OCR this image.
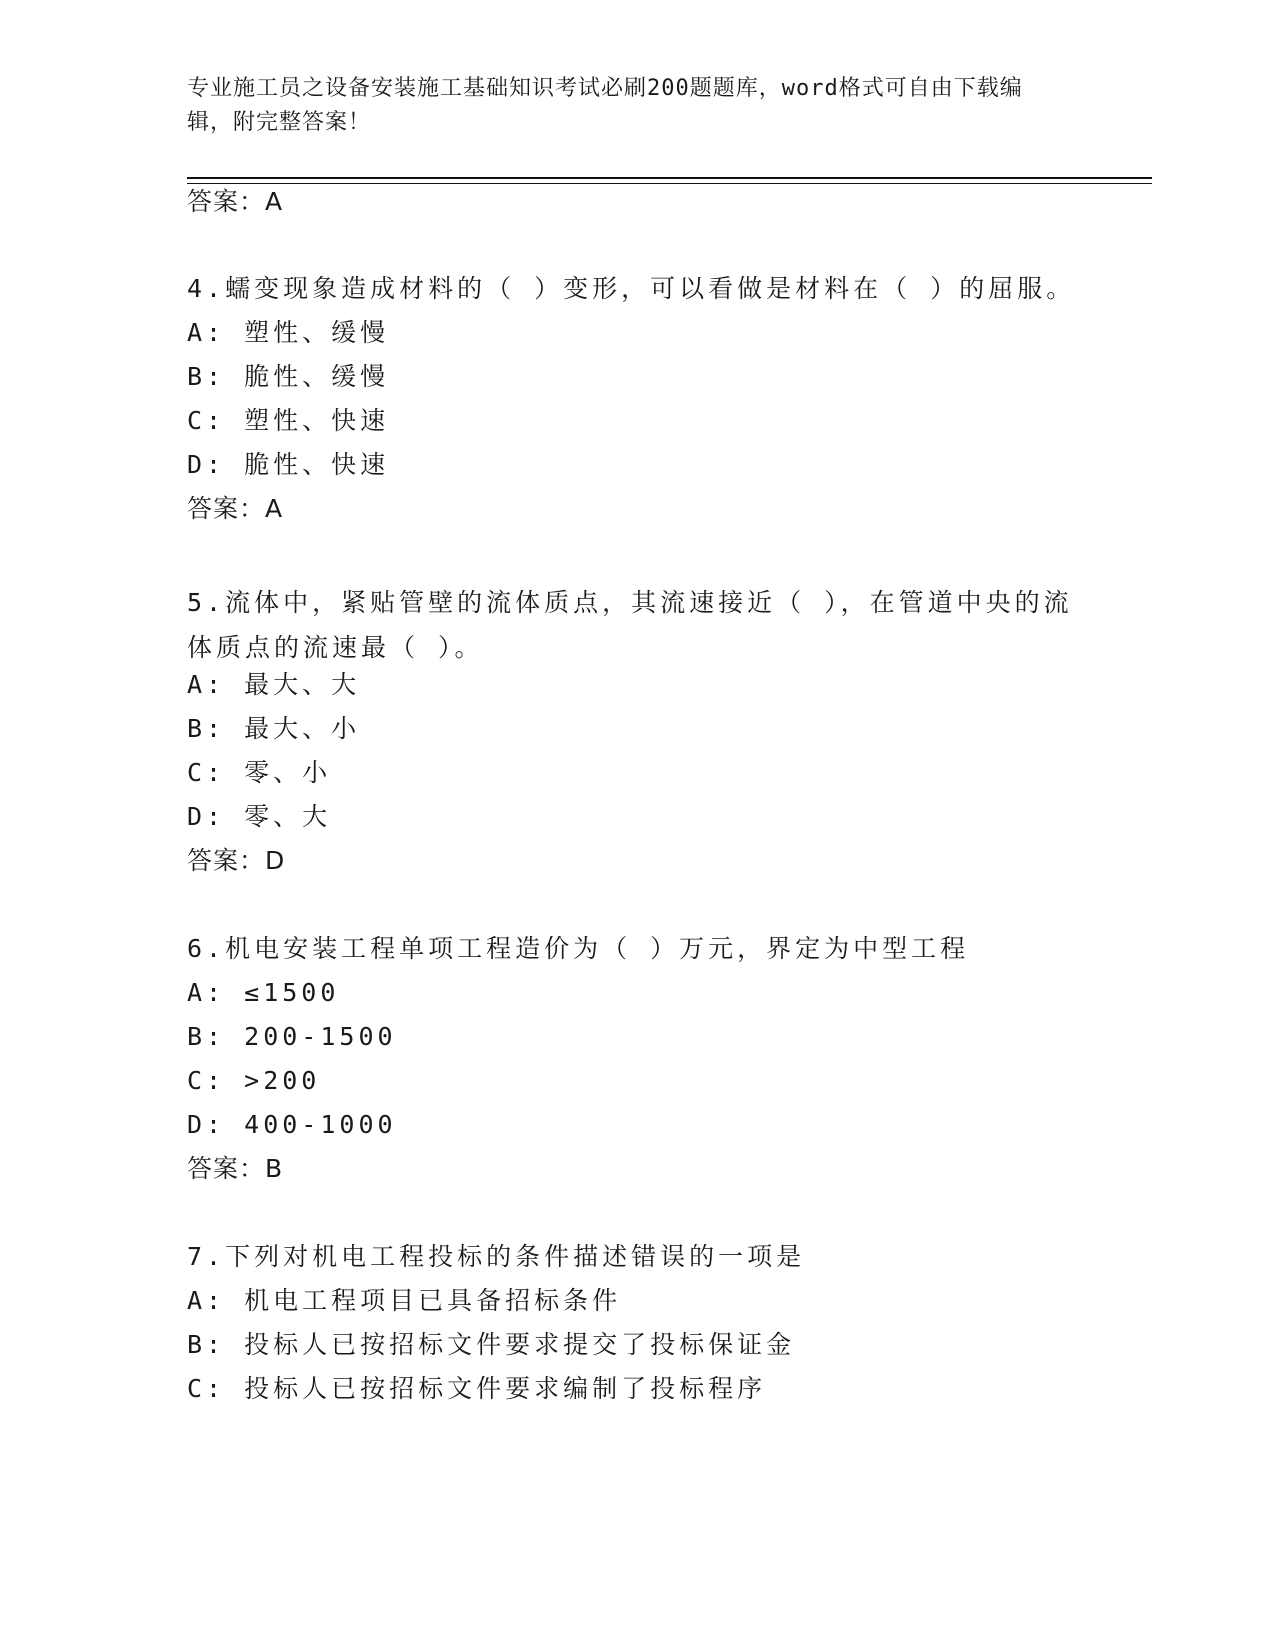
专业施工员之设备安装施工基础知识考试必刷200题题库，word格式可自由下载编辑，附完整答案！
答案：A
4.蠕变现象造成材料的（ ）变形，可以看做是材料在（ ）的屈服。
A: 塑性、缓慢
B: 脆性、缓慢
C: 塑性、快速
D: 脆性、快速
答案：A
5.流体中，紧贴管壁的流体质点，其流速接近（ ），在管道中央的流体质点的流速最（ ）。
A: 最大、大
B: 最大、小
C: 零、小
D: 零、大
答案：D
6.机电安装工程单项工程造价为（ ）万元，界定为中型工程
A: ≤1500
B: 200-1500
C: >200
D: 400-1000
答案：B
7.下列对机电工程投标的条件描述错误的一项是
A: 机电工程项目已具备招标条件
B: 投标人已按招标文件要求提交了投标保证金
C: 投标人已按招标文件要求编制了投标程序
